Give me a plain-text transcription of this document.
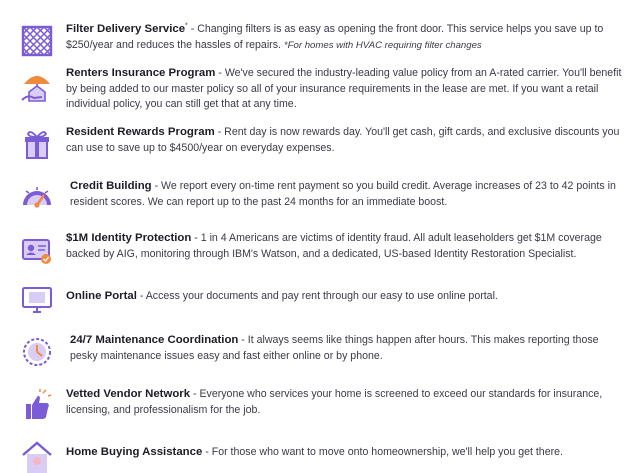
Filter Delivery Service* - Changing filters is as easy as opening the front door. This service helps you save up to $250/year and reduces the hassles of repairs. *For homes with HVAC requiring filter changes
Renters Insurance Program - We've secured the industry-leading value policy from an A-rated carrier. You'll benefit by being added to our master policy so all of your insurance requirements in the lease are met. If you want a retail individual policy, you can still get that at any time.
Resident Rewards Program - Rent day is now rewards day. You'll get cash, gift cards, and exclusive discounts you can use to save up to $4500/year on everyday expenses.
Credit Building - We report every on-time rent payment so you build credit. Average increases of 23 to 42 points in resident scores. We can report up to the past 24 months for an immediate boost.
$1M Identity Protection - 1 in 4 Americans are victims of identity fraud. All adult leaseholders get $1M coverage backed by AIG, monitoring through IBM's Watson, and a dedicated, US-based Identity Restoration Specialist.
Online Portal - Access your documents and pay rent through our easy to use online portal.
24/7 Maintenance Coordination - It always seems like things happen after hours. This makes reporting those pesky maintenance issues easy and fast either online or by phone.
Vetted Vendor Network - Everyone who services your home is screened to exceed our standards for insurance, licensing, and professionalism for the job.
Home Buying Assistance - For those who want to move onto homeownership, we'll help you get there.
